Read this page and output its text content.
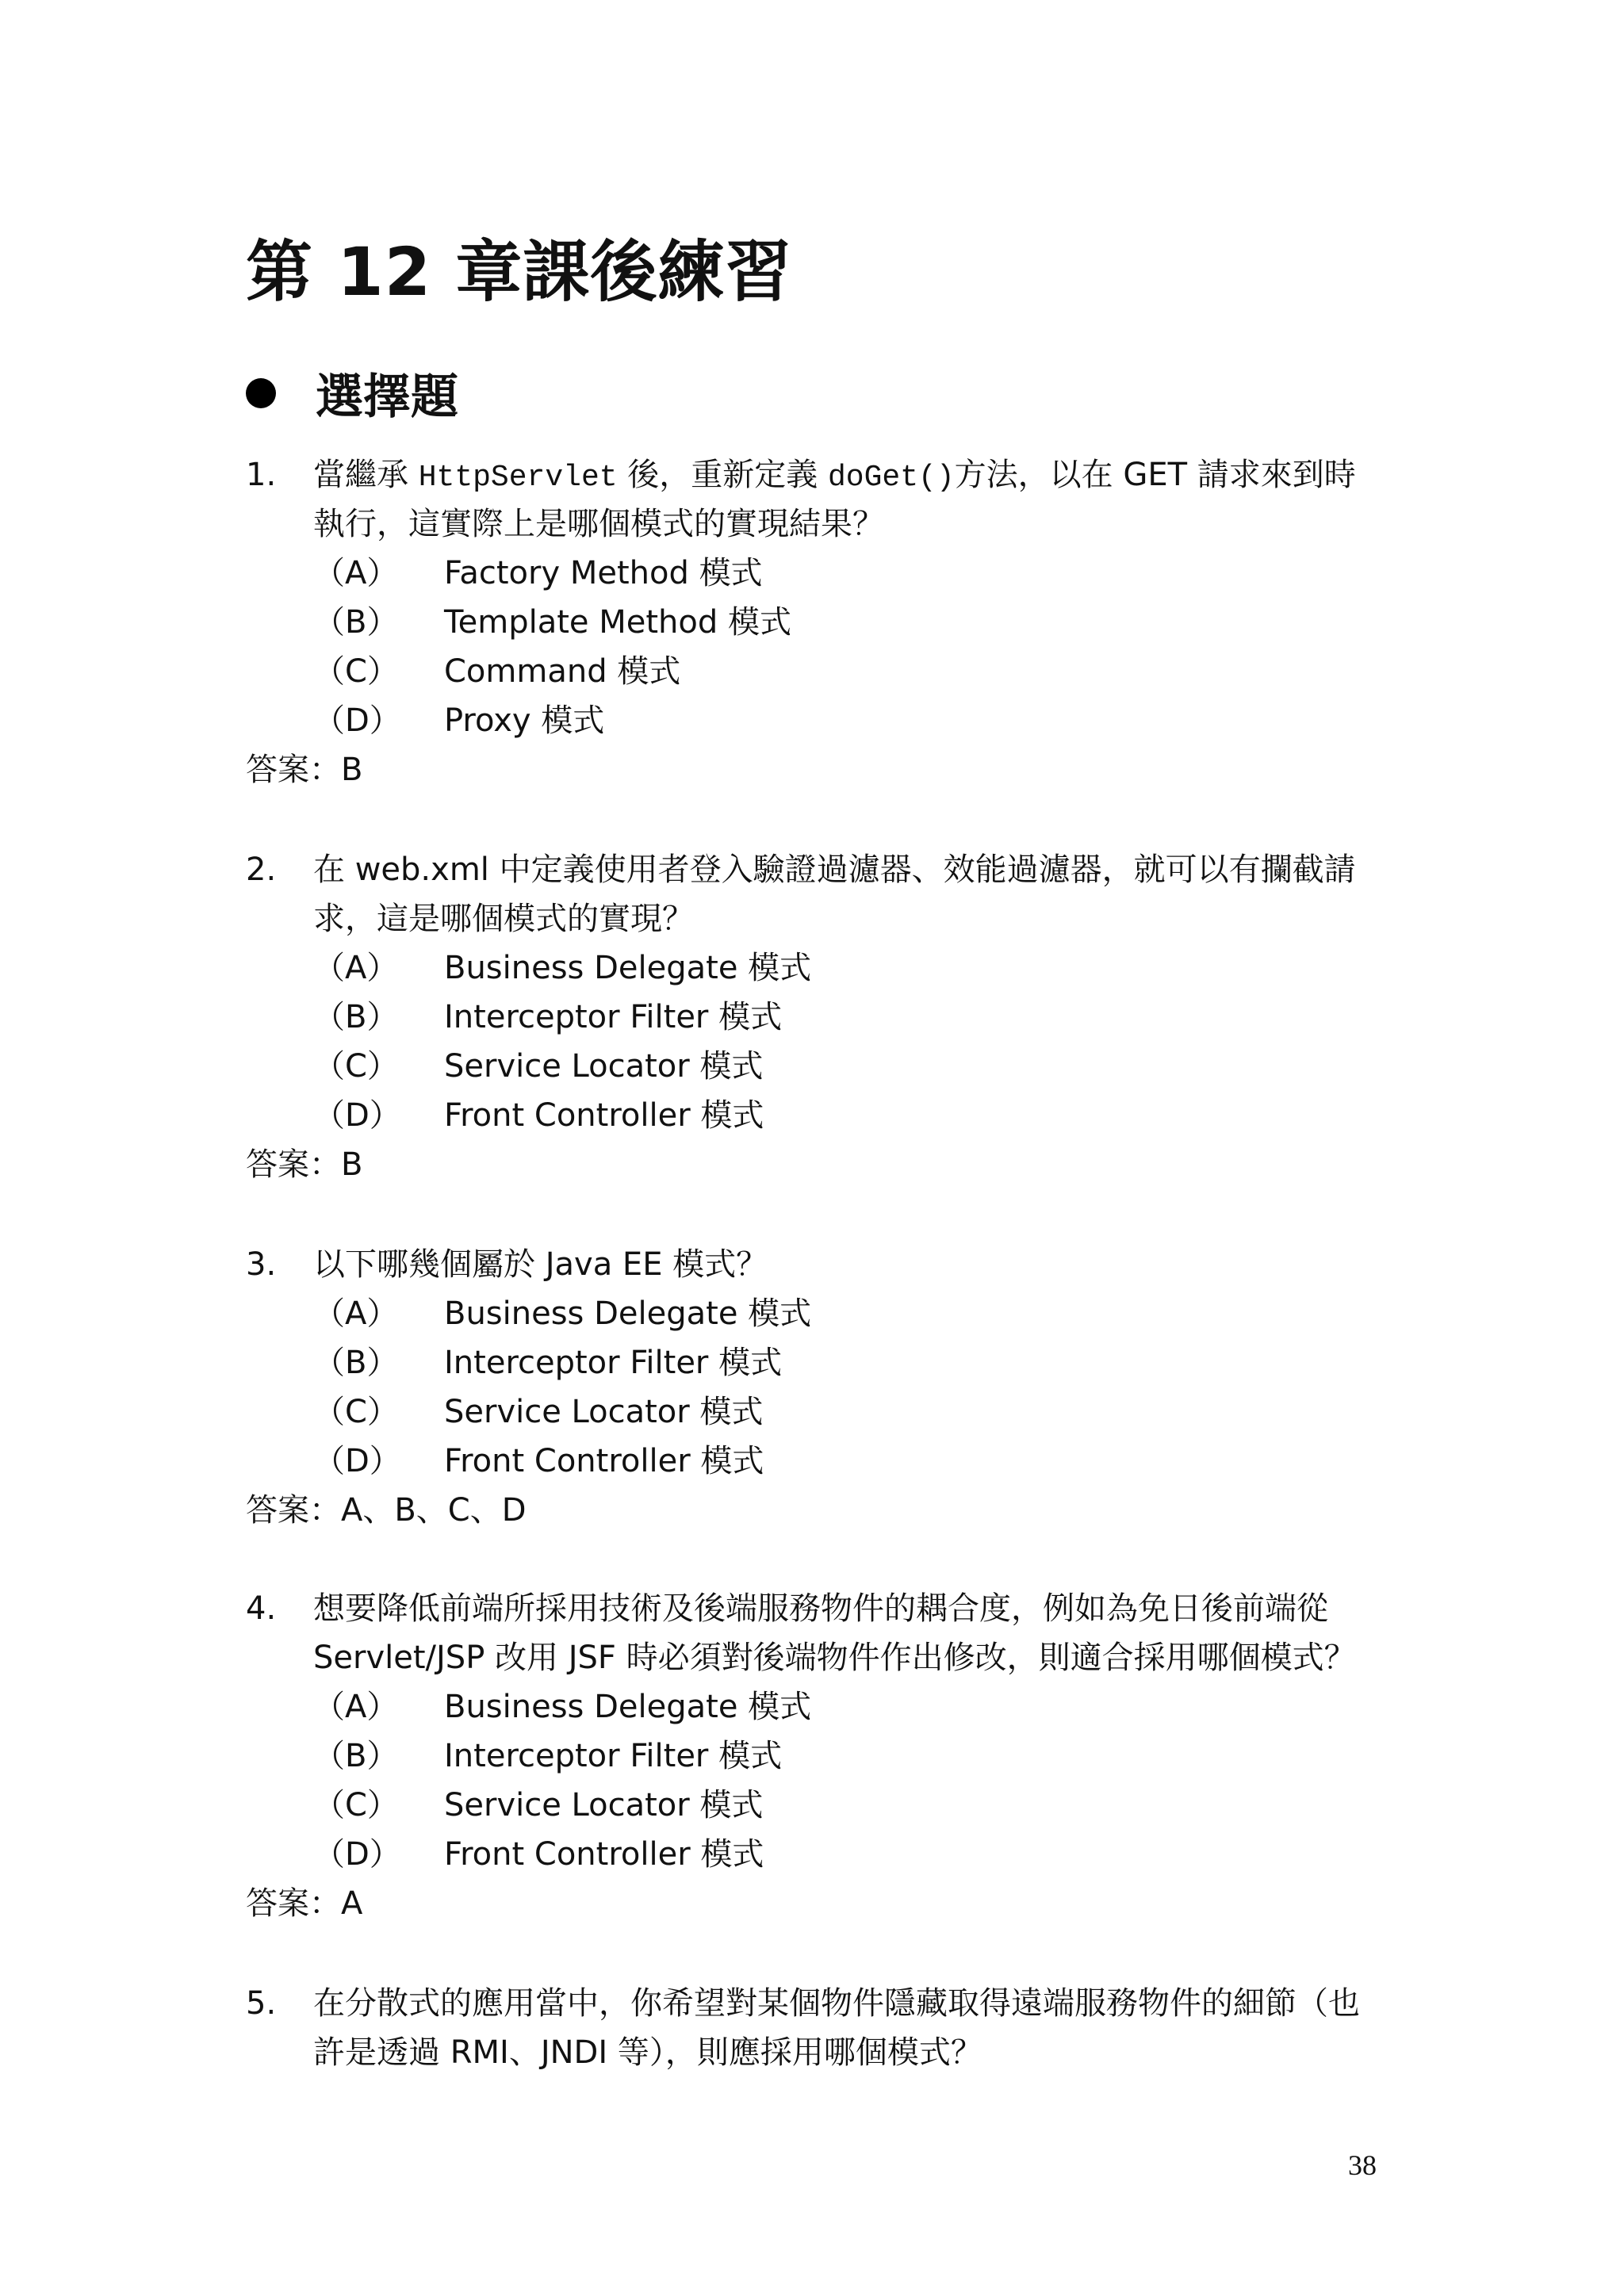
第 12 章課後練習
選擇題
1. 當繼承 HttpServlet 後，重新定義 doGet()方法，以在 GET 請求來到時
執行，這實際上是哪個模式的實現結果？
（A） Factory Method 模式
（B） Template Method 模式
（C） Command 模式
（D） Proxy 模式
答案：B
2. 在 web.xml 中定義使用者登入驗證過濾器、效能過濾器，就可以有攔截請
求，這是哪個模式的實現？
（A） Business Delegate 模式
（B） Interceptor Filter 模式
（C） Service Locator 模式
（D） Front Controller 模式
答案：B
3. 以下哪幾個屬於 Java EE 模式？
（A） Business Delegate 模式
（B） Interceptor Filter 模式
（C） Service Locator 模式
（D） Front Controller 模式
答案：A、B、C、D
4. 想要降低前端所採用技術及後端服務物件的耦合度，例如為免日後前端從
Servlet/JSP 改用 JSF 時必須對後端物件作出修改，則適合採用哪個模式？
（A） Business Delegate 模式
（B） Interceptor Filter 模式
（C） Service Locator 模式
（D） Front Controller 模式
答案：A
5. 在分散式的應用當中，你希望對某個物件隱藏取得遠端服務物件的細節（也
許是透過 RMI、JNDI 等），則應採用哪個模式？
38
